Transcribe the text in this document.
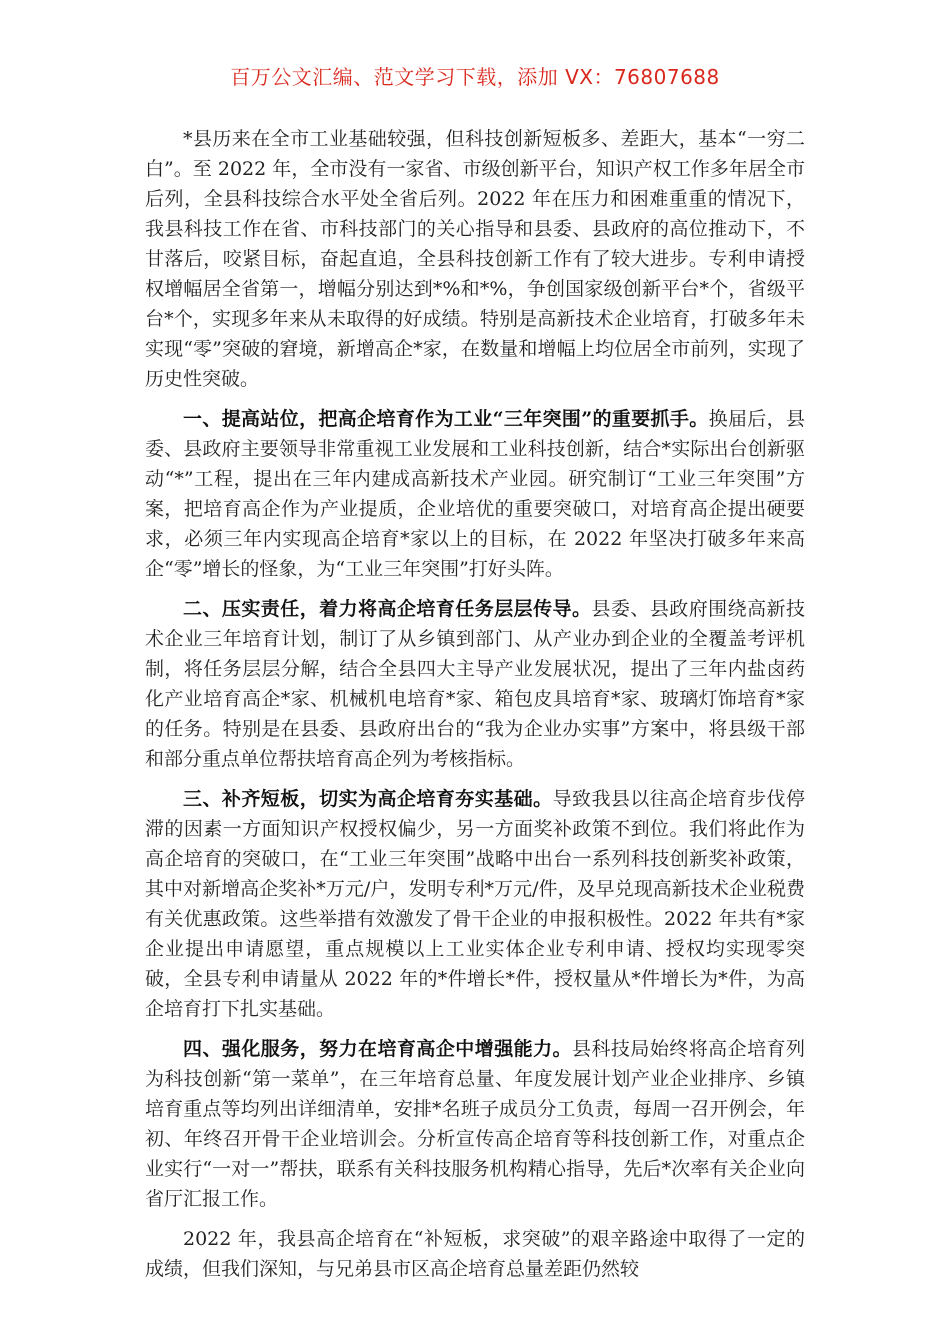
百万公文汇编、范文学习下载，添加 VX：76807688

*县历来在全市工业基础较强，但科技创新短板多、差距大，基本“一穷二白”。至 2022 年，全市没有一家省、市级创新平台，知识产权工作多年居全市后列，全县科技综合水平处全省后列。2022 年在压力和困难重重的情况下，我县科技工作在省、市科技部门的关心指导和县委、县政府的高位推动下，不甘落后，咬紧目标，奋起直追，全县科技创新工作有了较大进步。专利申请授权增幅居全省第一，增幅分别达到*%和*%，争创国家级创新平台*个，省级平台*个，实现多年来从未取得的好成绩。特别是高新技术企业培育，打破多年未实现“零”突破的窘境，新增高企*家，在数量和增幅上均位居全市前列，实现了历史性突破。

一、提高站位，把高企培育作为工业“三年突围”的重要抓手。换届后，县委、县政府主要领导非常重视工业发展和工业科技创新，结合*实际出台创新驱动“*”工程，提出在三年内建成高新技术产业园。研究制订“工业三年突围”方案，把培育高企作为产业提质，企业培优的重要突破口，对培育高企提出硬要求，必须三年内实现高企培育*家以上的目标，在 2022 年坚决打破多年来高企“零”增长的怪象，为“工业三年突围”打好头阵。

二、压实责任，着力将高企培育任务层层传导。县委、县政府围绕高新技术企业三年培育计划，制订了从乡镇到部门、从产业办到企业的全覆盖考评机制，将任务层层分解，结合全县四大主导产业发展状况，提出了三年内盐卤药化产业培育高企*家、机械机电培育*家、箱包皮具培育*家、玻璃灯饰培育*家的任务。特别是在县委、县政府出台的“我为企业办实事”方案中，将县级干部和部分重点单位帮扶培育高企列为考核指标。

三、补齐短板，切实为高企培育夯实基础。导致我县以往高企培育步伐停滞的因素一方面知识产权授权偏少，另一方面奖补政策不到位。我们将此作为高企培育的突破口，在“工业三年突围”战略中出台一系列科技创新奖补政策，其中对新增高企奖补*万元/户，发明专利*万元/件，及早兑现高新技术企业税费有关优惠政策。这些举措有效激发了骨干企业的申报积极性。2022 年共有*家企业提出申请愿望，重点规模以上工业实体企业专利申请、授权均实现零突破，全县专利申请量从 2022 年的*件增长*件，授权量从*件增长为*件，为高企培育打下扎实基础。

四、强化服务，努力在培育高企中增强能力。县科技局始终将高企培育列为科技创新“第一菜单”，在三年培育总量、年度发展计划产业企业排序、乡镇培育重点等均列出详细清单，安排*名班子成员分工负责，每周一召开例会，年初、年终召开骨干企业培训会。分析宣传高企培育等科技创新工作，对重点企业实行“一对一”帮扶，联系有关科技服务机构精心指导，先后*次率有关企业向省厅汇报工作。

2022 年，我县高企培育在“补短板，求突破”的艰辛路途中取得了一定的成绩，但我们深知，与兄弟县市区高企培育总量差距仍然较
